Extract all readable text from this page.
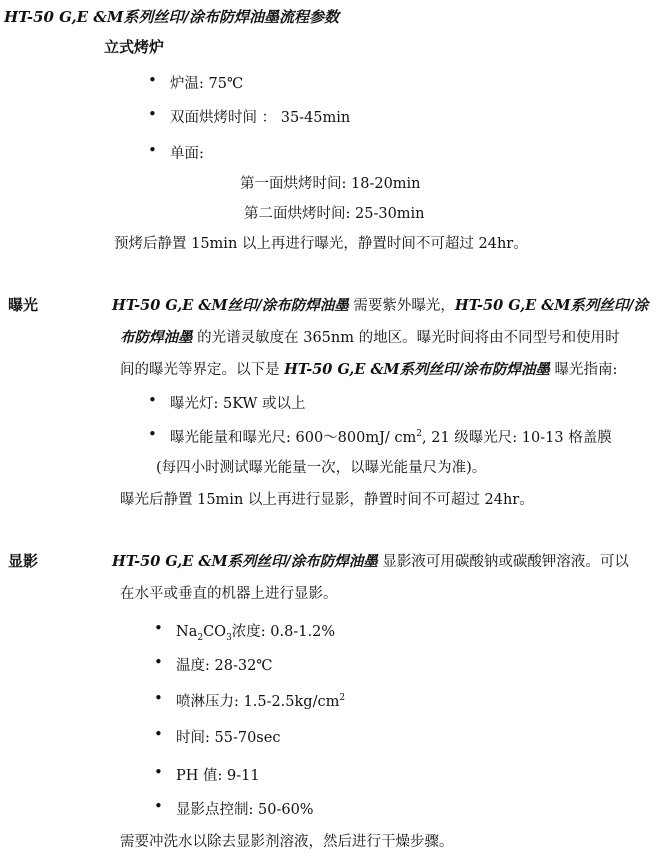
HT-50 G,E &M系列丝印/涂布防焊油墨流程参数
立式烤炉
• 炉温: 75℃
• 双面烘烤时间 ： 35-45min
• 单面:
第一面烘烤时间: 18-20min
第二面烘烤时间: 25-30min
预烤后静置 15min 以上再进行曝光，静置时间不可超过 24hr。
曝光	HT-50 G,E &M丝印/涂布防焊油墨 需要紫外曝光，HT-50 G,E &M系列丝印/涂
布防焊油墨 的光谱灵敏度在 365nm 的地区。曝光时间将由不同型号和使用时
间的曝光等界定。以下是 HT-50 G,E &M系列丝印/涂布防焊油墨 曝光指南:
• 曝光灯: 5KW 或以上
• 曝光能量和曝光尺: 600～800mJ/ $cm^2$, 21 级曝光尺: 10-13 格盖膜
(每四小时测试曝光能量一次，以曝光能量尺为准)。
曝光后静置 15min 以上再进行显影，静置时间不可超过 24hr。
显影	HT-50 G,E &M系列丝印/涂布防焊油墨 显影液可用碳酸钠或碳酸钾溶液。可以
在水平或垂直的机器上进行显影。
• $Na_2CO_3$浓度: 0.8-1.2%
• 温度: 28-32℃
• 喷淋压力: $1.5-2.5kg/cm^2$
• 时间: 55-70sec
• PH 值: 9-11
• 显影点控制: 50-60%
需要冲洗水以除去显影剂溶液，然后进行干燥步骤。
